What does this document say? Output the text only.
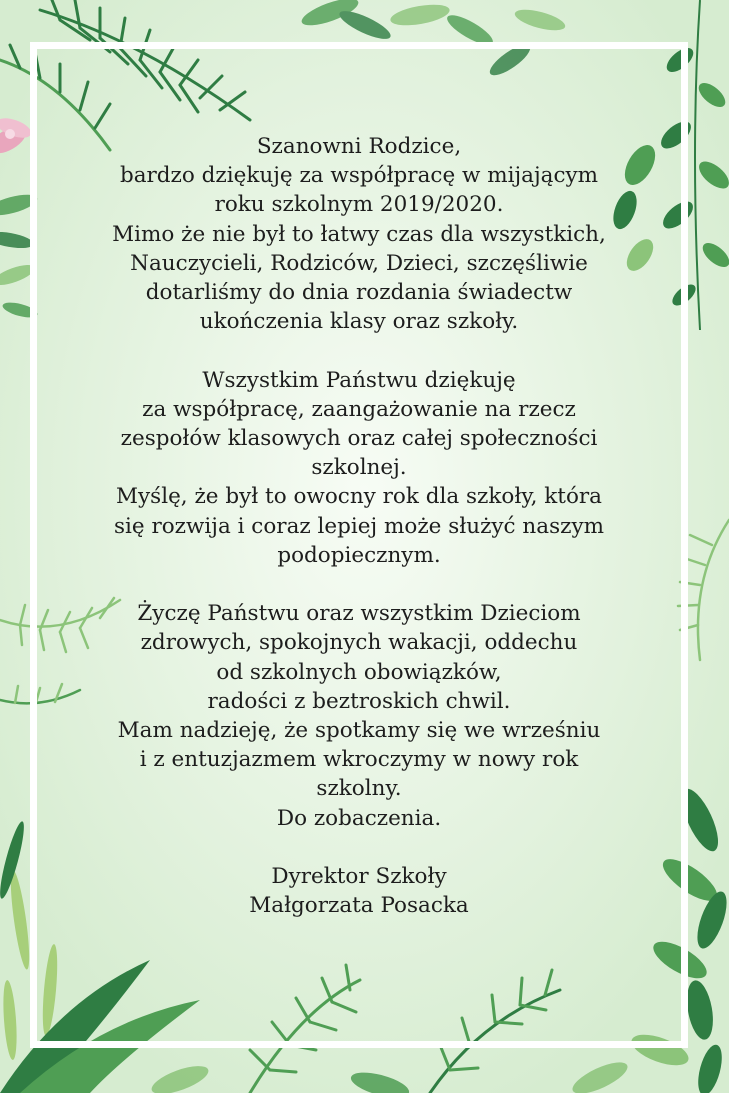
Szanowni Rodzice,
bardzo dziękuję za współpracę w mijającym
roku szkolnym 2019/2020.
Mimo że nie był to łatwy czas dla wszystkich,
Nauczycieli, Rodziców, Dzieci, szczęśliwie
dotarliśmy do dnia rozdania świadectw
ukończenia klasy oraz szkoły.
Wszystkim Państwu dziękuję
za współpracę, zaangażowanie na rzecz
zespołów klasowych oraz całej społeczności
szkolnej.
Myślę, że był to owocny rok dla szkoły, która
się rozwija i coraz lepiej może służyć naszym
podopiecznym.
Życzę Państwu oraz wszystkim Dzieciom
zdrowych, spokojnych wakacji, oddechu
od szkolnych obowiązków,
radości z beztroskich chwil.
Mam nadzieję, że spotkamy się we wrześniu
i z entuzjazmem wkroczymy w nowy rok
szkolny.
Do zobaczenia.
Dyrektor Szkoły
Małgorzata Posacka
